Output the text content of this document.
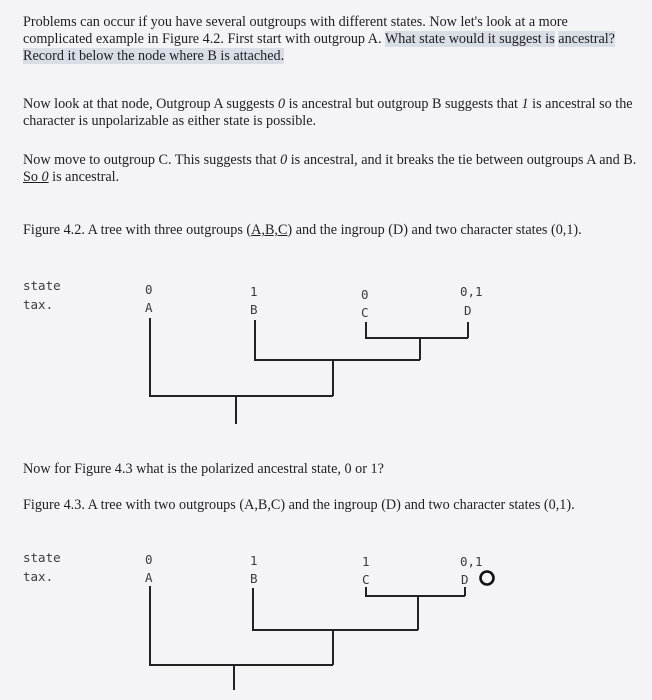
Problems can occur if you have several outgroups with different states. Now let's look at a more complicated example in Figure 4.2. First start with outgroup A. What state would it suggest is ancestral? Record it below the node where B is attached.
Now look at that node, Outgroup A suggests 0 is ancestral but outgroup B suggests that 1 is ancestral so the character is unpolarizable as either state is possible.
Now move to outgroup C. This suggests that 0 is ancestral, and it breaks the tie between outgroups A and B. So 0 is ancestral.
Figure 4.2. A tree with three outgroups (A,B,C) and the ingroup (D) and two character states (0,1).
state
tax.
0
A
1
B
0
C
0,1
D
Now for Figure 4.3 what is the polarized ancestral state, 0 or 1?
Figure 4.3. A tree with two outgroups (A,B,C) and the ingroup (D) and two character states (0,1).
state
tax.
0
A
1
B
1
C
0,1
D
